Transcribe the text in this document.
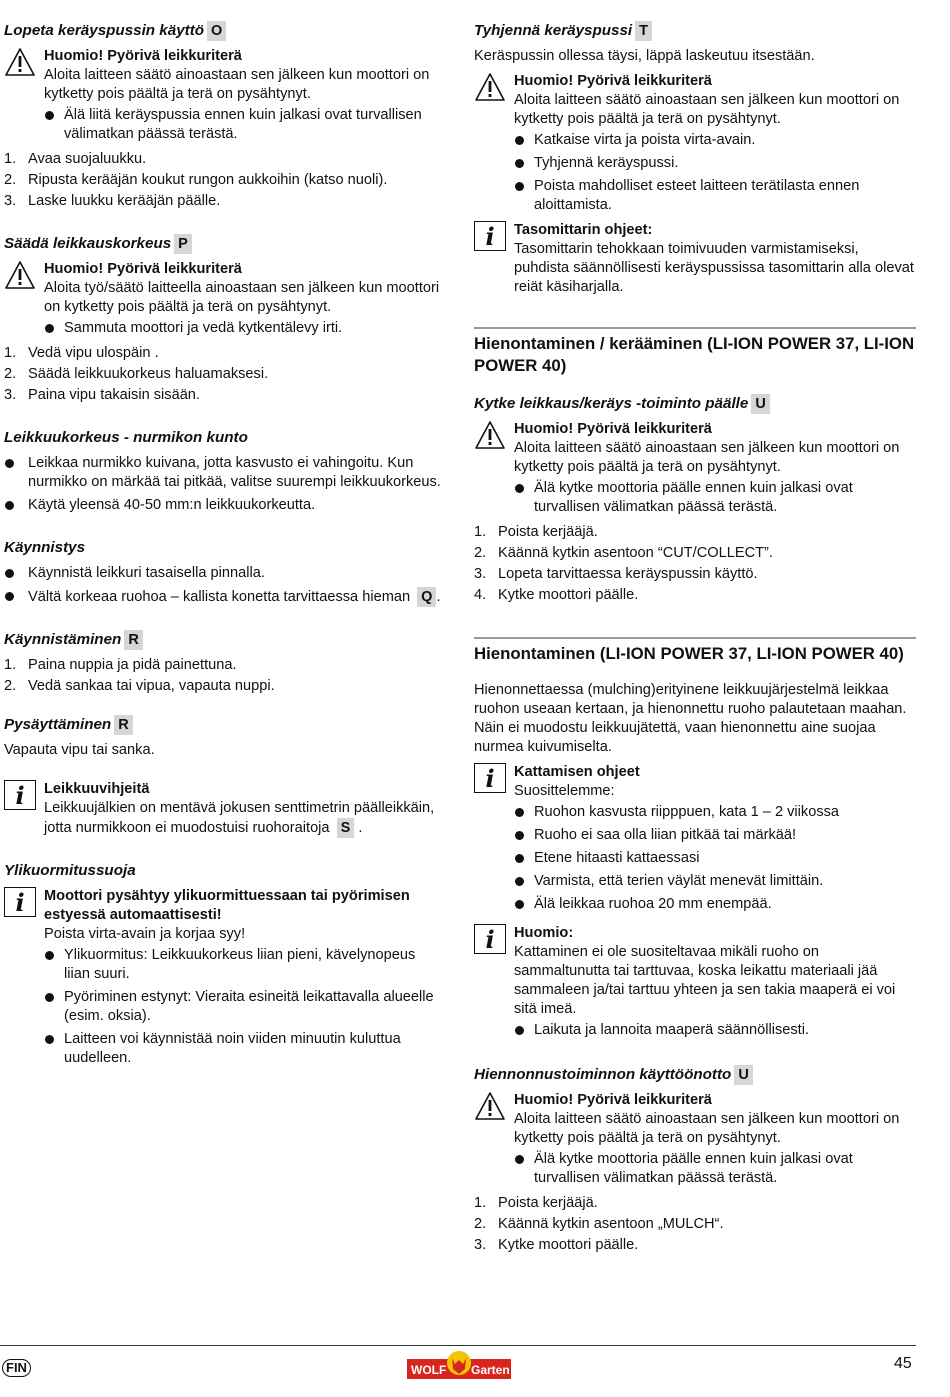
Lopeta keräyspussin käyttö O
Huomio! Pyörivä leikkuriterä

Aloita laitteen säätö ainoastaan sen jälkeen kun moottori on kytketty pois päältä ja terä on pysähtynyt.

Älä liitä keräyspussia ennen kuin jalkasi ovat turvallisen välimatkan päässä terästä.
1. Avaa suojaluukku.
2. Ripusta kerääjän koukut rungon aukkoihin (katso nuoli).
3. Laske luukku kerääjän päälle.
Säädä leikkauskorkeus P
Huomio! Pyörivä leikkuriterä

Aloita työ/säätö laitteella ainoastaan sen jälkeen kun moottori on kytketty pois päältä ja terä on pysähtynyt.

Sammuta moottori ja vedä kytkentälevy irti.
1. Vedä vipu ulospäin .
2. Säädä leikkuukorkeus haluamaksesi.
3. Paina vipu takaisin sisään.
Leikkuukorkeus - nurmikon kunto
Leikkaa nurmikko kuivana, jotta kasvusto ei vahingoitu. Kun nurmikko on märkää tai pitkää, valitse suurempi leikkuukorkeus.
Käytä yleensä 40-50 mm:n leikkuukorkeutta.
Käynnistys
Käynnistä leikkuri tasaisella pinnalla.
Vältä korkeaa ruohoa – kallista konetta tarvittaessa hieman Q .
Käynnistäminen R
1. Paina nuppia ja pidä painettuna.
2. Vedä sankaa tai vipua, vapauta nuppi.
Pysäyttäminen R

Vapauta vipu tai sanka.

i	Leikkuuvihjeitä

Leikkuujälkien on mentävä jokusen senttimetrin päälleikkäin, jotta nurmikkoon ei muodostuisi ruohoraitoja S .

Ylikuormitussuoja
i	Moottori pysähtyy ylikuormittuessaan tai pyörimisen estyessä automaattisesti!

Poista virta-avain ja korjaa syy!

Ylikuormitus: Leikkuukorkeus liian pieni, kävelynopeus liian suuri.
Pyöriminen estynyt: Vieraita esineitä leikattavalla alueelle (esim. oksia).
Laitteen voi käynnistää noin viiden minuutin kuluttua uudelleen.
Tyhjennä keräyspussi T

Keräspussin ollessa täysi, läppä laskeutuu itsestään.

Huomio! Pyörivä leikkuriterä

Aloita laitteen säätö ainoastaan sen jälkeen kun moottori on kytketty pois päältä ja terä on pysähtynyt.

Katkaise virta ja poista virta-avain.
Tyhjennä keräyspussi.
Poista mahdolliset esteet laitteen terätilasta ennen aloittamista.
i	Tasomittarin ohjeet:

Tasomittarin tehokkaan toimivuuden varmistamiseksi, puhdista säännöllisesti keräyspussissa tasomittarin alla olevat reiät käsiharjalla.

Hienontaminen / kerääminen (LI-ION POWER 37, LI-ION POWER 40)
Kytke leikkaus/keräys -toiminto päälle U
Huomio! Pyörivä leikkuriterä

Aloita laitteen säätö ainoastaan sen jälkeen kun moottori on kytketty pois päältä ja terä on pysähtynyt.

Älä kytke moottoria päälle ennen kuin jalkasi ovat turvallisen välimatkan päässä terästä.
1. Poista kerjääjä.
2. Käännä kytkin asentoon “CUT/COLLECT”.
3. Lopeta tarvittaessa keräyspussin käyttö.
4. Kytke moottori päälle.
Hienontaminen (LI-ION POWER 37, LI-ION POWER 40)

Hienonnettaessa (mulching)erityinene leikkuujärjestelmä leikkaa ruohon useaan kertaan, ja hienonnettu ruoho palautetaan maahan. Näin ei muodostu leikkuujätettä, vaan hienonnettu aine suojaa nurmea kuivumiselta.

i	Kattamisen ohjeet

Suosittelemme:

Ruohon kasvusta riipppuen, kata 1 – 2 viikossa
Ruoho ei saa olla liian pitkää tai märkää!
Etene hitaasti kattaessasi
Varmista, että terien väylät menevät limittäin.
Älä leikkaa ruohoa 20 mm enempää.
i	Huomio:

Kattaminen ei ole suositeltavaa mikäli ruoho on sammaltunutta tai tarttuvaa, koska leikattu materiaali jää sammaleen ja/tai tarttuu yhteen ja sen takia maaperä ei voi sitä imeä.

Laikuta ja lannoita maaperä säännöllisesti.
Hiennonnustoiminnon käyttöönotto U
Huomio! Pyörivä leikkuriterä

Aloita laitteen säätö ainoastaan sen jälkeen kun moottori on kytketty pois päältä ja terä on pysähtynyt.

Älä kytke moottoria päälle ennen kuin jalkasi ovat turvallisen välimatkan päässä terästä.
1. Poista kerjääjä.
2. Käännä kytkin asentoon „MULCH“.
3. Kytke moottori päälle.
FIN	WOLF Garten	45
